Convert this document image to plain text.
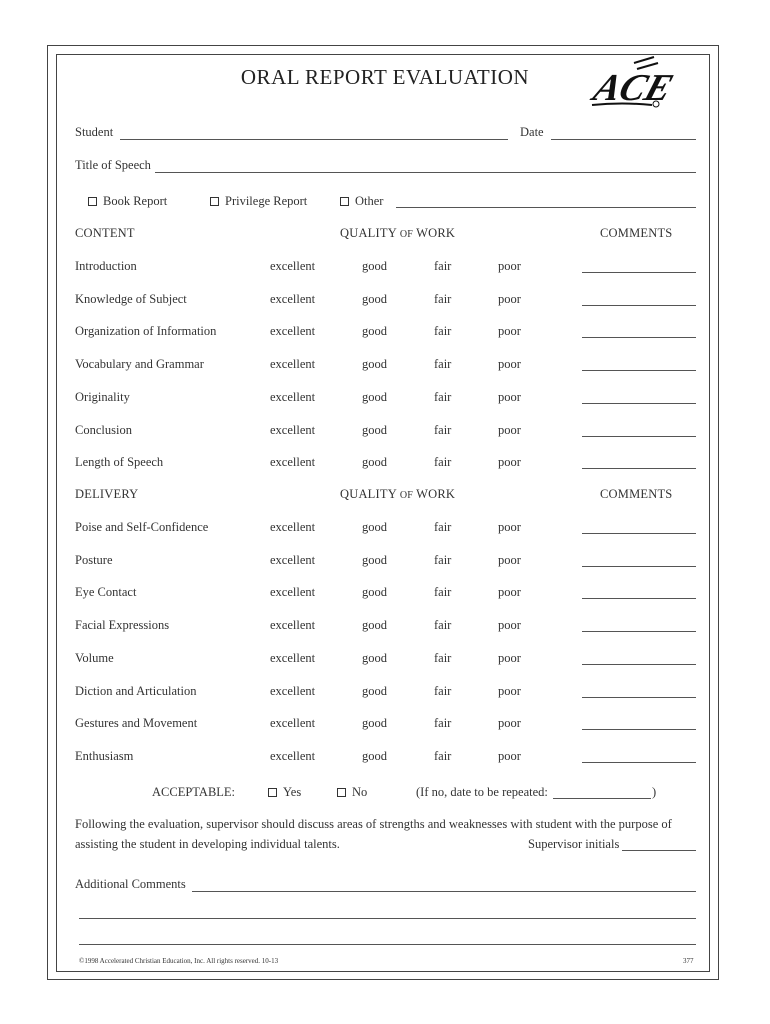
ORAL REPORT EVALUATION	ACE
Student	Date
Title of Speech
Book Report	Privilege Report	Other
CONTENT	QUALITY OF WORK	COMMENTS
Introduction	excellent	good	fair	poor
Knowledge of Subject	excellent	good	fair	poor
Organization of Information	excellent	good	fair	poor
Vocabulary and Grammar	excellent	good	fair	poor
Originality	excellent	good	fair	poor
Conclusion	excellent	good	fair	poor
Length of Speech	excellent	good	fair	poor
DELIVERY	QUALITY OF WORK	COMMENTS
Poise and Self-Confidence	excellent	good	fair	poor
Posture	excellent	good	fair	poor
Eye Contact	excellent	good	fair	poor
Facial Expressions	excellent	good	fair	poor
Volume	excellent	good	fair	poor
Diction and Articulation	excellent	good	fair	poor
Gestures and Movement	excellent	good	fair	poor
Enthusiasm	excellent	good	fair	poor
ACCEPTABLE:	Yes	No	(If no, date to be repeated:	)
Following the evaluation, supervisor should discuss areas of strengths and weaknesses with student with the purpose of
assisting the student in developing individual talents.	Supervisor initials
Additional Comments
©1998 Accelerated Christian Education, Inc. All rights reserved. 10-13	377
